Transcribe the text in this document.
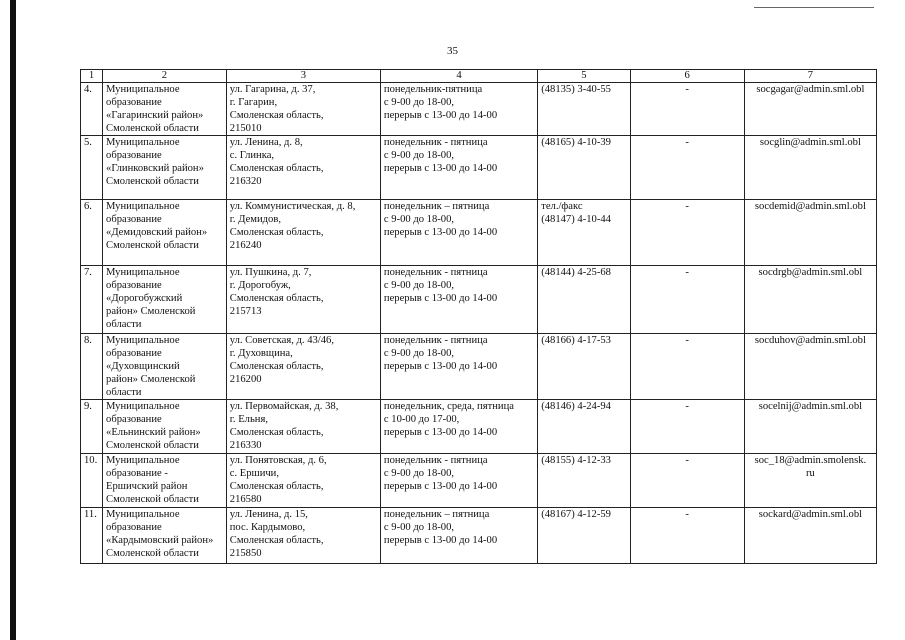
35
1	2	3	4	5	6	7
4.	Муниципальное
образование
«Гагаринский район»
Смоленской области	ул. Гагарина, д. 37,
г. Гагарин,
Смоленская область,
215010	понедельник-пятница
с 9-00 до 18-00,
перерыв с 13-00 до 14-00	(48135) 3-40-55	-	socgagar@admin.sml.obl

5.	Муниципальное
образование
«Глинковский район»
Смоленской области	ул. Ленина, д. 8,
с. Глинка,
Смоленская область,
216320	понедельник - пятница
с 9-00 до 18-00,
перерыв с 13-00 до 14-00	(48165) 4-10-39	-	socglin@admin.sml.obl

6.	Муниципальное
образование
«Демидовский район»
Смоленской области	ул. Коммунистическая, д. 8,
г. Демидов,
Смоленская область,
216240	понедельник – пятница
с 9-00 до 18-00,
перерыв с 13-00 до 14-00	тел./факс
(48147) 4-10-44	-	socdemid@admin.sml.obl

7.	Муниципальное
образование
«Дорогобужский
район» Смоленской
области	ул. Пушкина, д. 7,
г. Дорогобуж,
Смоленская область,
215713	понедельник - пятница
с 9-00 до 18-00,
перерыв с 13-00 до 14-00	(48144) 4-25-68	-	socdrgb@admin.sml.obl

8.	Муниципальное
образование
«Духовщинский
район» Смоленской
области	ул. Советская, д. 43/46,
г. Духовщина,
Смоленская область,
216200	понедельник - пятница
с 9-00 до 18-00,
перерыв с 13-00 до 14-00	(48166) 4-17-53	-	socduhov@admin.sml.obl

9.	Муниципальное
образование
«Ельнинский район»
Смоленской области	ул. Первомайская, д. 38,
г. Ельня,
Смоленская область,
216330	понедельник, среда, пятница
с 10-00 до 17-00,
перерыв с 13-00 до 14-00	(48146) 4-24-94	-	socelnij@admin.sml.obl

10.	Муниципальное
образование -
Ершичский район
Смоленской области	ул. Понятовская, д. 6,
с. Ершичи,
Смоленская область,
216580	понедельник - пятница
с 9-00 до 18-00,
перерыв с 13-00 до 14-00	(48155) 4-12-33	-	soc_18@admin.smolensk.
ru

11.	Муниципальное
образование
«Кардымовский район»
Смоленской области	ул. Ленина, д. 15,
пос. Кардымово,
Смоленская область,
215850	понедельник – пятница
с 9-00 до 18-00,
перерыв с 13-00 до 14-00	(48167) 4-12-59	-	sockard@admin.sml.obl
